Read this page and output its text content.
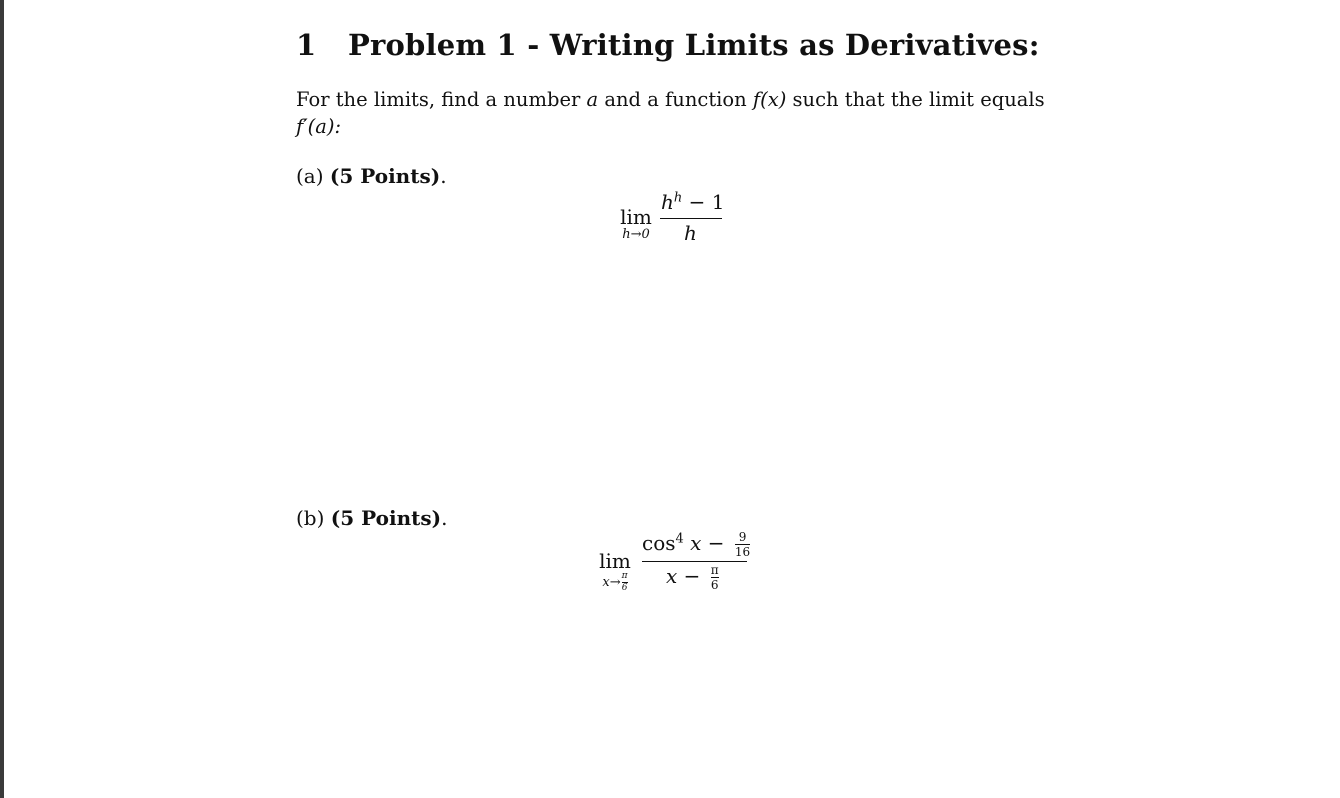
1 Problem 1 - Writing Limits as Derivatives:
For the limits, find a number a and a function f(x) such that the limit equals
f′(a):
(a) (5 Points).
lim
h→0
$h^h - 1$
h
(b) (5 Points).
lim
$x\to \frac{\pi}{6}$
$\cos^4 x - \frac{9}{16}$
$x - \frac{\pi}{6}$
